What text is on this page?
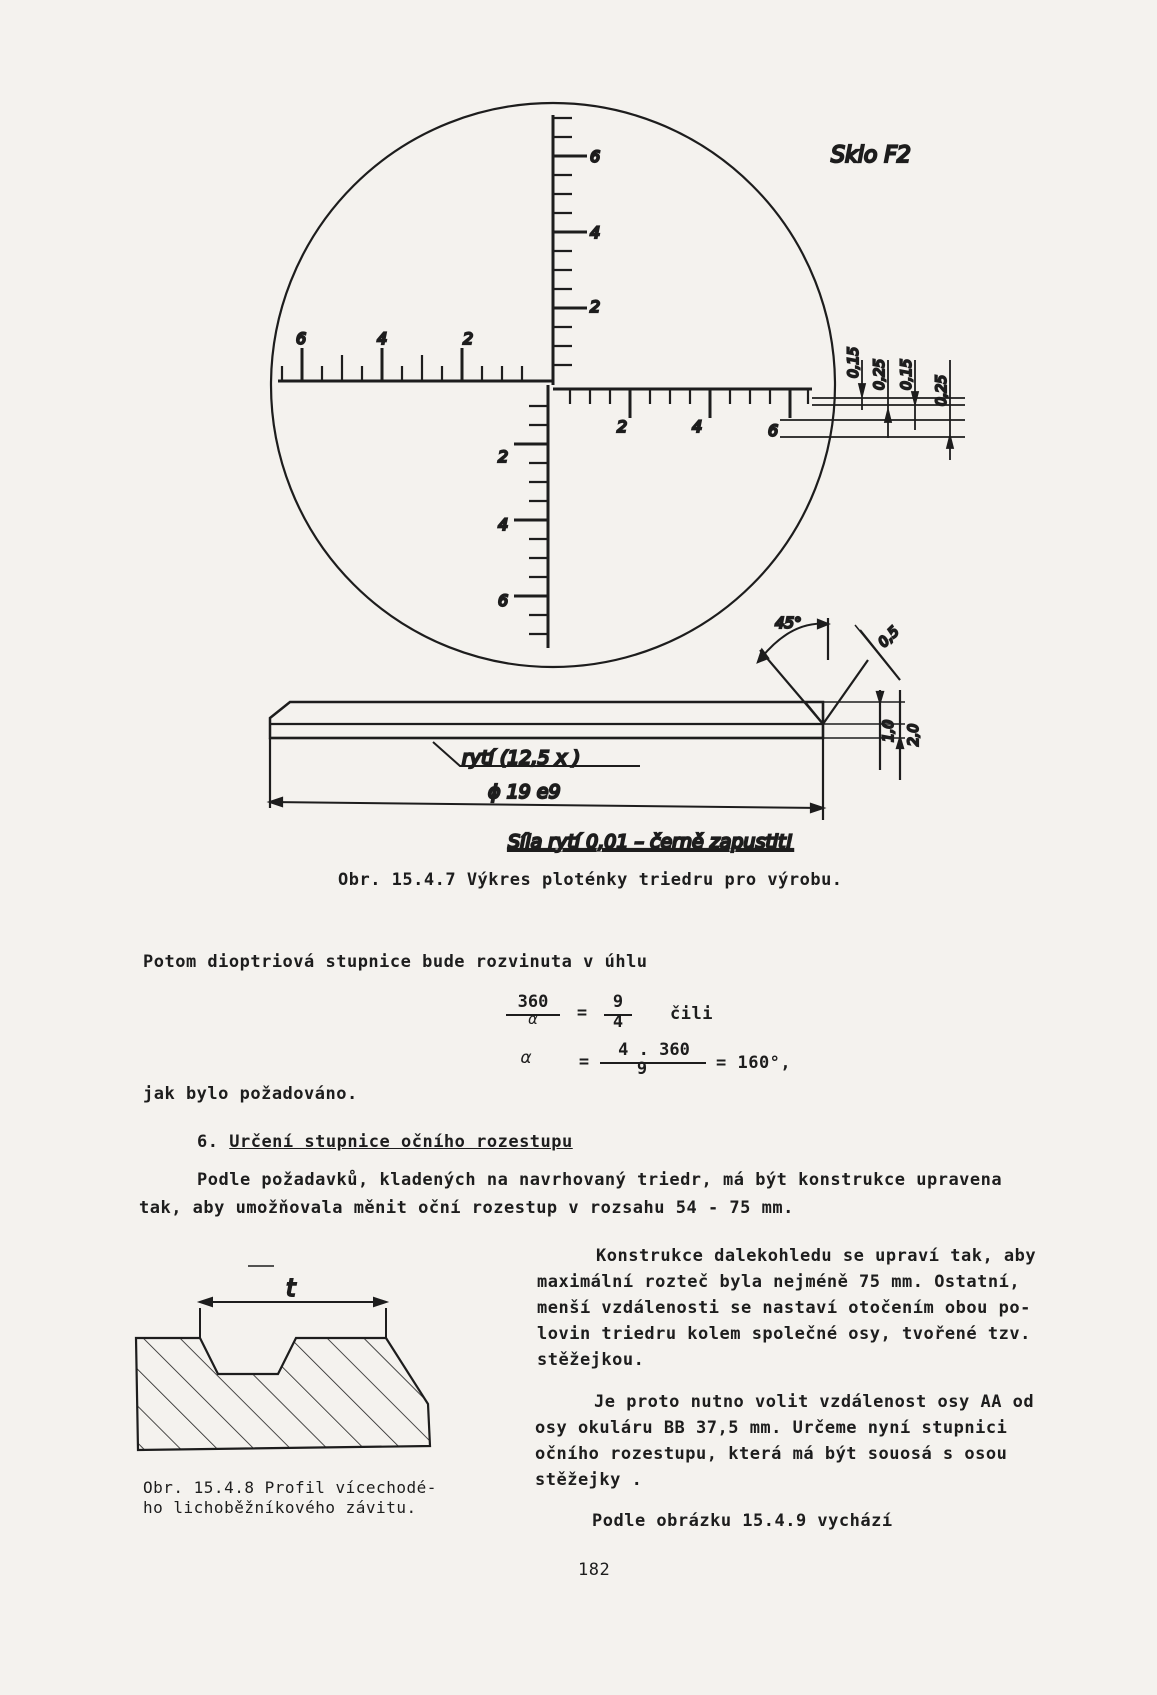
Sklo F2
6
4
2
6	4	2
2	4	6
2
4
6
0,15 0,25 0,15
0,25
45°
0,5
1,0 2,0
rytí (12,5 x )
ɸ 19 e9
Síla rytí 0,01 – černě zapustit!
Obr. 15.4.7 Výkres ploténky triedru pro výrobu.
Potom dioptriová stupnice bude rozvinuta v úhlu
360
α	=
9
4	čili
α	=
4 . 360
9	= 160°,
jak bylo požadováno.
6. Určení stupnice očního rozestupu
Podle požadavků, kladených na navrhovaný triedr, má být konstrukce upravena
tak, aby umožňovala měnit oční rozestup v rozsahu 54 - 75 mm.
Konstrukce dalekohledu se upraví tak, aby
maximální rozteč byla nejméně 75 mm. Ostatní,
menší vzdálenosti se nastaví otočením obou po-
lovin triedru kolem společné osy, tvořené tzv.
stěžejkou.
Je proto nutno volit vzdálenost osy AA od
osy okuláru BB 37,5 mm. Určeme nyní stupnici
očního rozestupu, která má být souosá s osou
stěžejky .
Podle obrázku 15.4.9 vychází
t
Obr. 15.4.8 Profil vícechodé-
ho lichoběžníkového závitu.
182
